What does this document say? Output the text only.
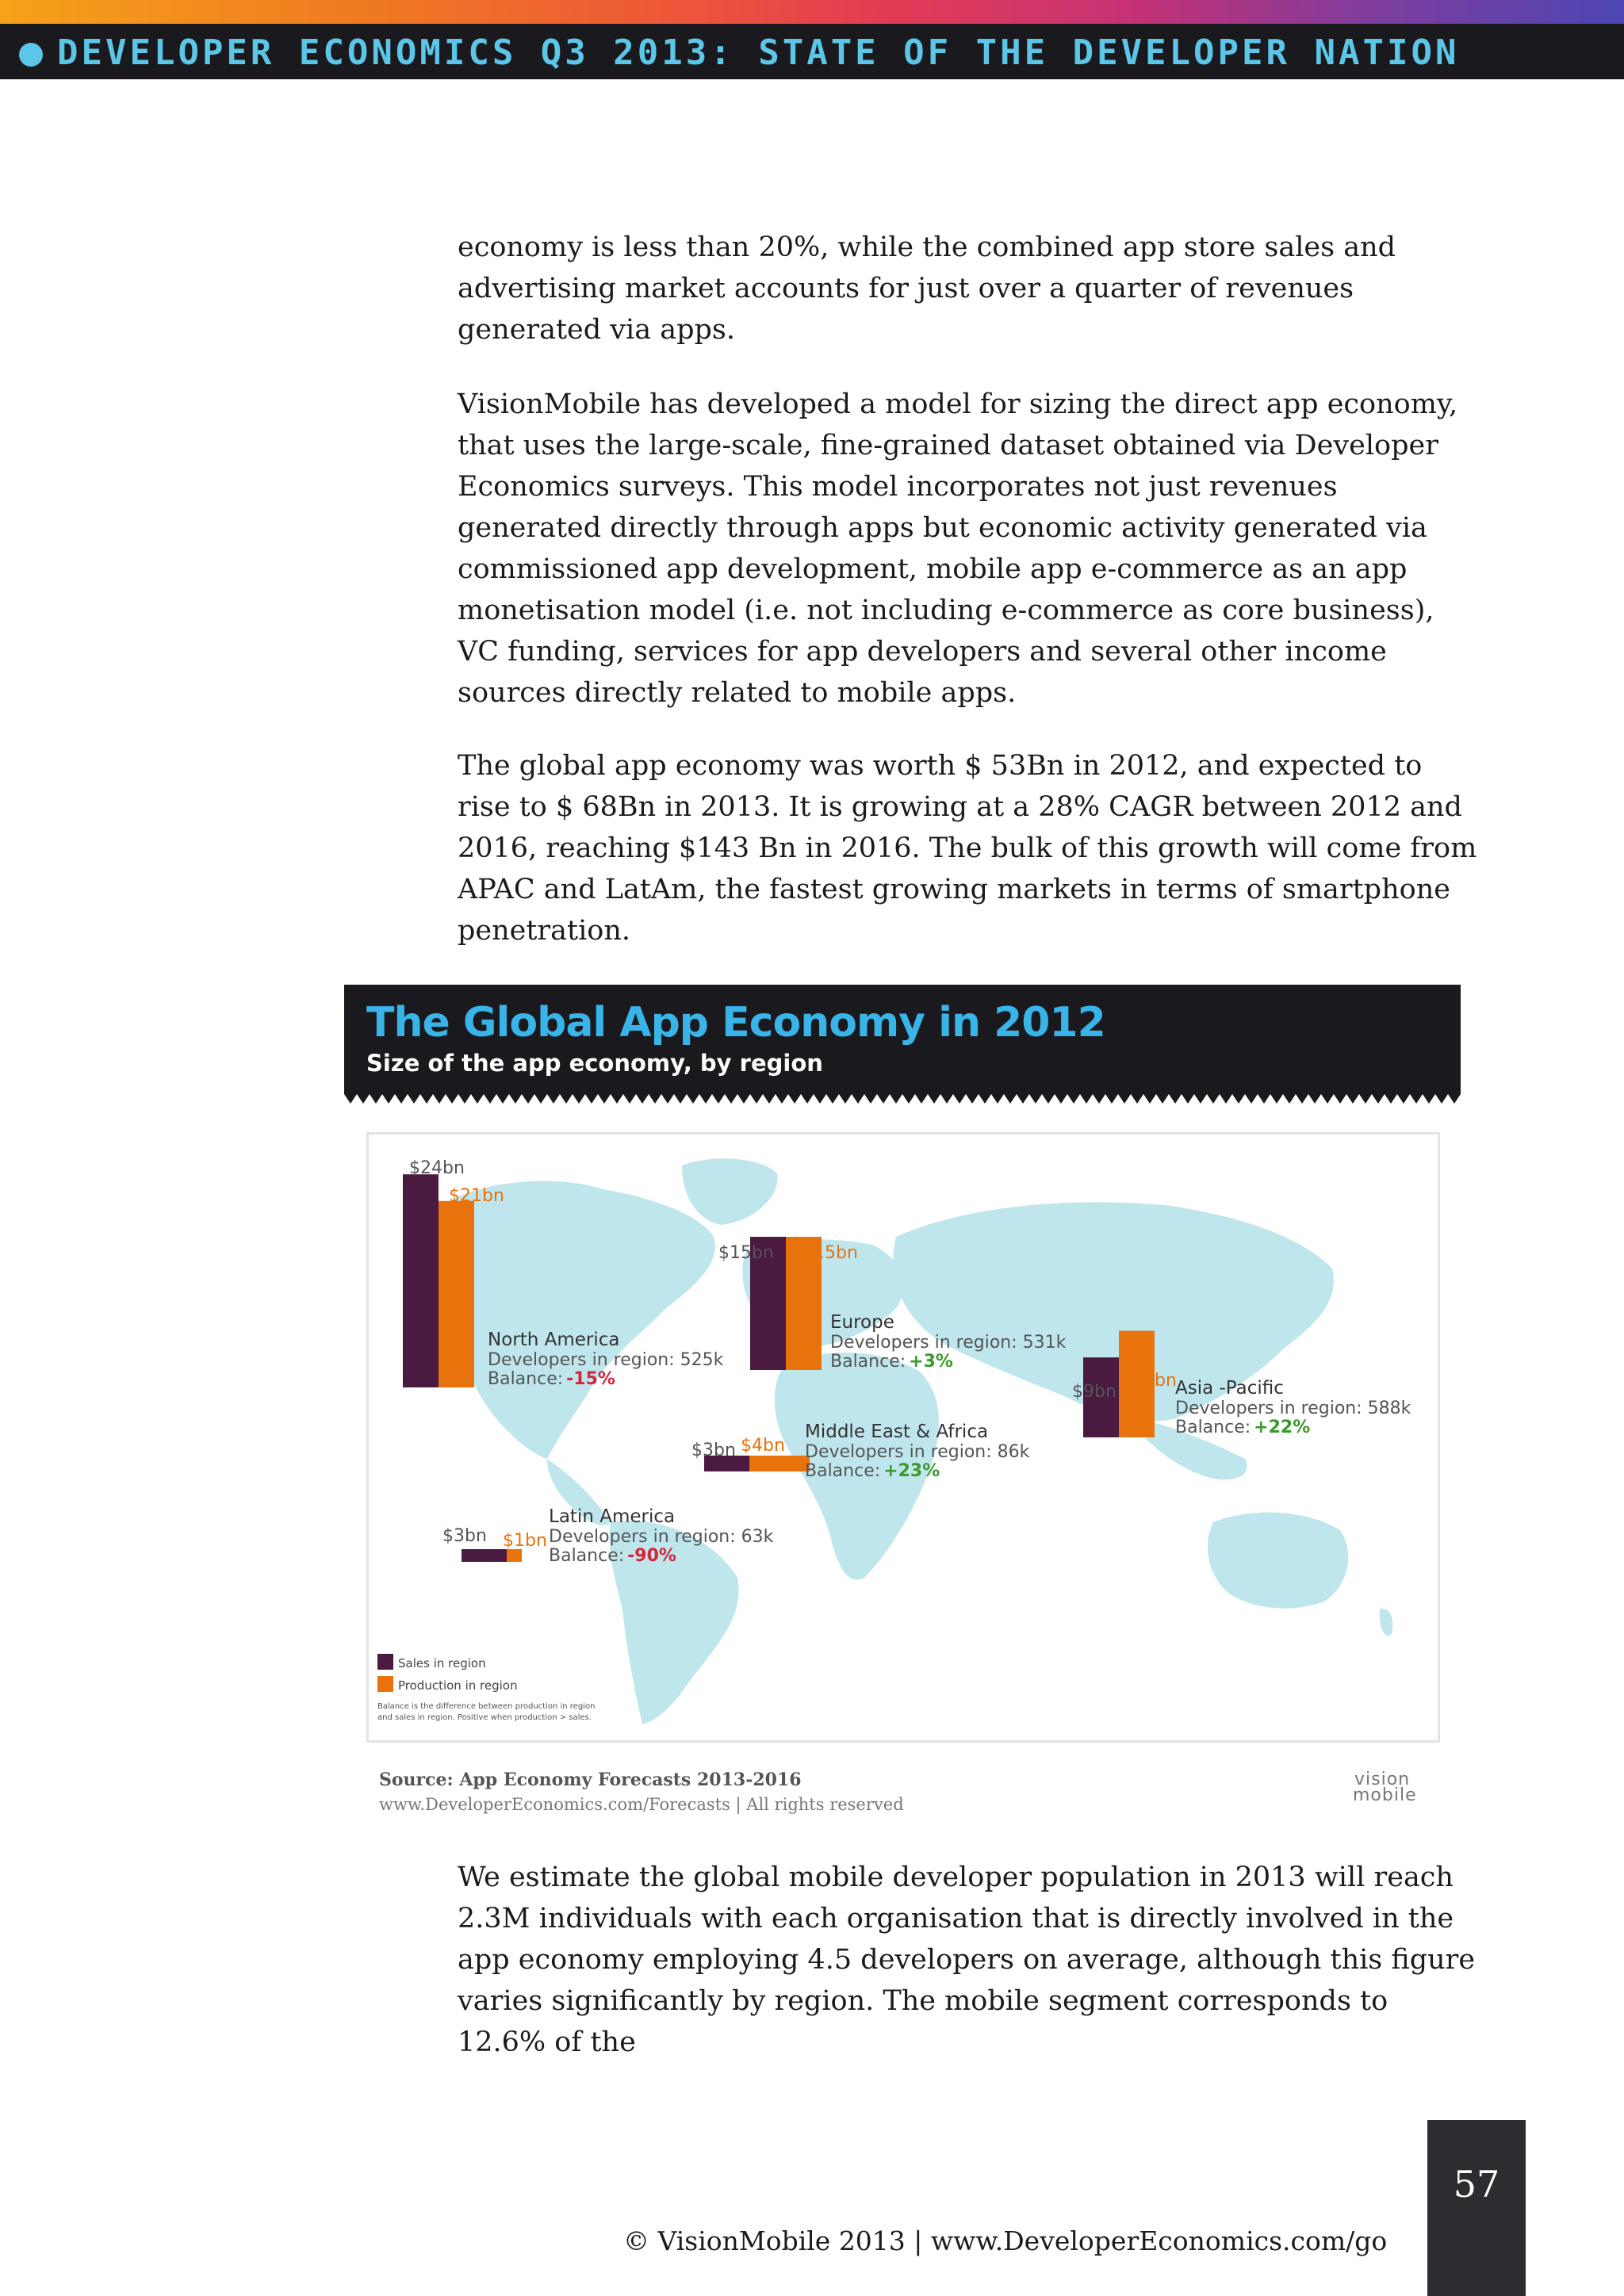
DEVELOPER ECONOMICS Q3 2013: STATE OF THE DEVELOPER NATION

economy is less than 20%, while the combined app store sales and advertising market accounts for just over a quarter of revenues generated via apps.

VisionMobile has developed a model for sizing the direct app economy, that uses the large-scale, fine-grained dataset obtained via Developer Economics surveys. This model incorporates not just revenues generated directly through apps but economic activity generated via commissioned app development, mobile app e-commerce as an app monetisation model (i.e. not including e-commerce as core business), VC funding, services for app developers and several other income sources directly related to mobile apps.

The global app economy was worth $ 53Bn in 2012, and expected to rise to $ 68Bn in 2013. It is growing at a 28% CAGR between 2012 and 2016, reaching $143 Bn in 2016. The bulk of this growth will come from APAC and LatAm, the fastest growing markets in terms of smartphone penetration.

The Global App Economy in 2012
Size of the app economy, by region
$24bn
$21bn
$15bn $15bn
$9bn
$12bn
$3bn $4bn
$3bn $1bn
North America
Developers in region: 525k
Balance: -15%
Europe
Developers in region: 531k
Balance: +3%
Asia -Pacific
Developers in region: 588k
Balance: +22%
Middle East & Africa
Developers in region: 86k
Balance: +23%
Latin America
Developers in region: 63k
Balance: -90%
Sales in region
Production in region
Balance is the difference between production in region
and sales in region. Positive when production > sales.
Source: App Economy Forecasts 2013-2016
www.DeveloperEconomics.com/Forecasts | All rights reserved
vision
mobile

We estimate the global mobile developer population in 2013 will reach 2.3M individuals with each organisation that is directly involved in the app economy employing 4.5 developers on average, although this figure varies significantly by region. The mobile segment corresponds to 12.6% of the

57
© VisionMobile 2013 | www.DeveloperEconomics.com/go
